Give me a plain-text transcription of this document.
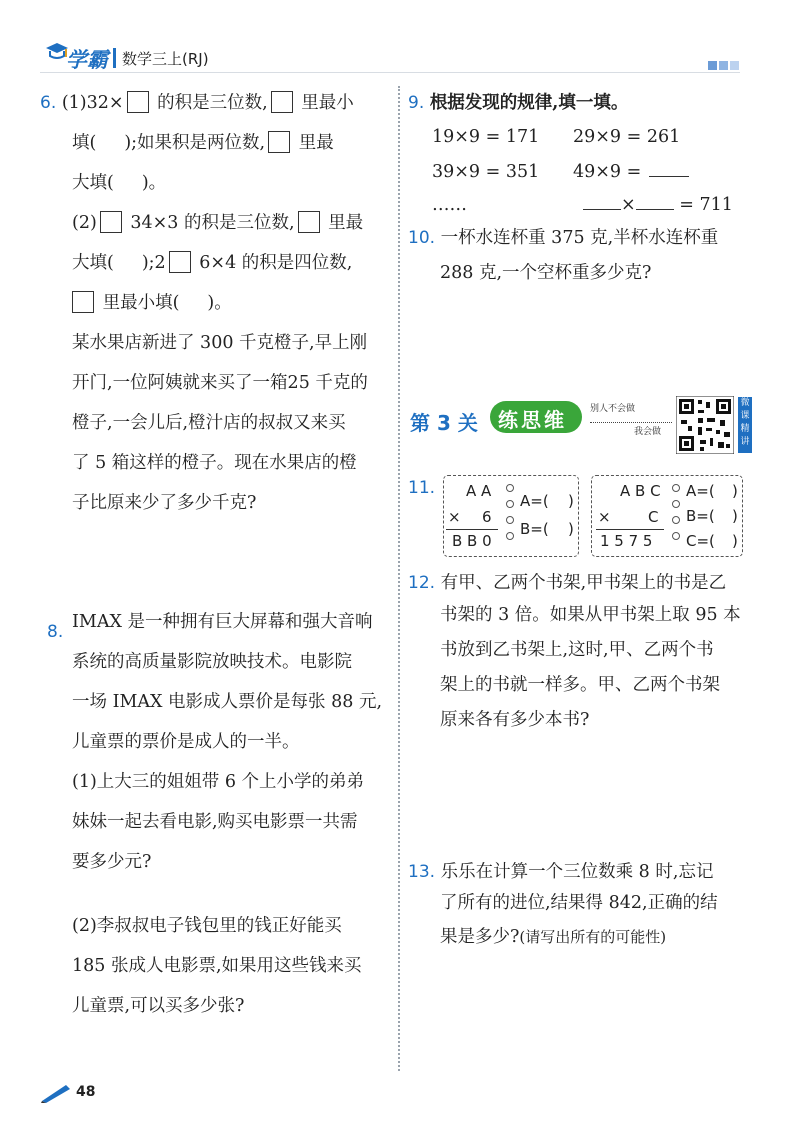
学霸 数学三上(RJ)
6. (1)32× 的积是三位数, 里最小
填( );如果积是两位数, 里最
大填( )。
(2) 34×3 的积是三位数, 里最
大填( );2 6×4 的积是四位数,
里最小填( )。
某水果店新进了 300 千克橙子,早上刚
开门,一位阿姨就来买了一箱25 千克的
橙子,一会儿后,橙汁店的叔叔又来买
了 5 箱这样的橙子。现在水果店的橙
子比原来少了多少千克?
8. IMAX 是一种拥有巨大屏幕和强大音响
系统的高质量影院放映技术。电影院
一场 IMAX 电影成人票价是每张 88 元,
儿童票的票价是成人的一半。
(1)上大三的姐姐带 6 个上小学的弟弟
妹妹一起去看电影,购买电影票一共需
要多少元?
(2)李叔叔电子钱包里的钱正好能买
185 张成人电影票,如果用这些钱来买
儿童票,可以买多少张?
9. 根据发现的规律,填一填。
19×9 = 171 29×9 = 261
39×9 = 351 49×9 =
……	× = 711
10. 一杯水连杯重 375 克,半杯水连杯重
288 克,一个空杯重多少克?
第 3 关 练思维	别人不会做
我会做
微课精讲
11. A A
× 6
B B 0
A=( )
B=( )
A B C
× C
1 5 7 5
A=( )
B=( )
C=( )
12. 有甲、乙两个书架,甲书架上的书是乙
书架的 3 倍。如果从甲书架上取 95 本
书放到乙书架上,这时,甲、乙两个书
架上的书就一样多。甲、乙两个书架
原来各有多少本书?
13. 乐乐在计算一个三位数乘 8 时,忘记
了所有的进位,结果得 842,正确的结
果是多少?(请写出所有的可能性)
48
